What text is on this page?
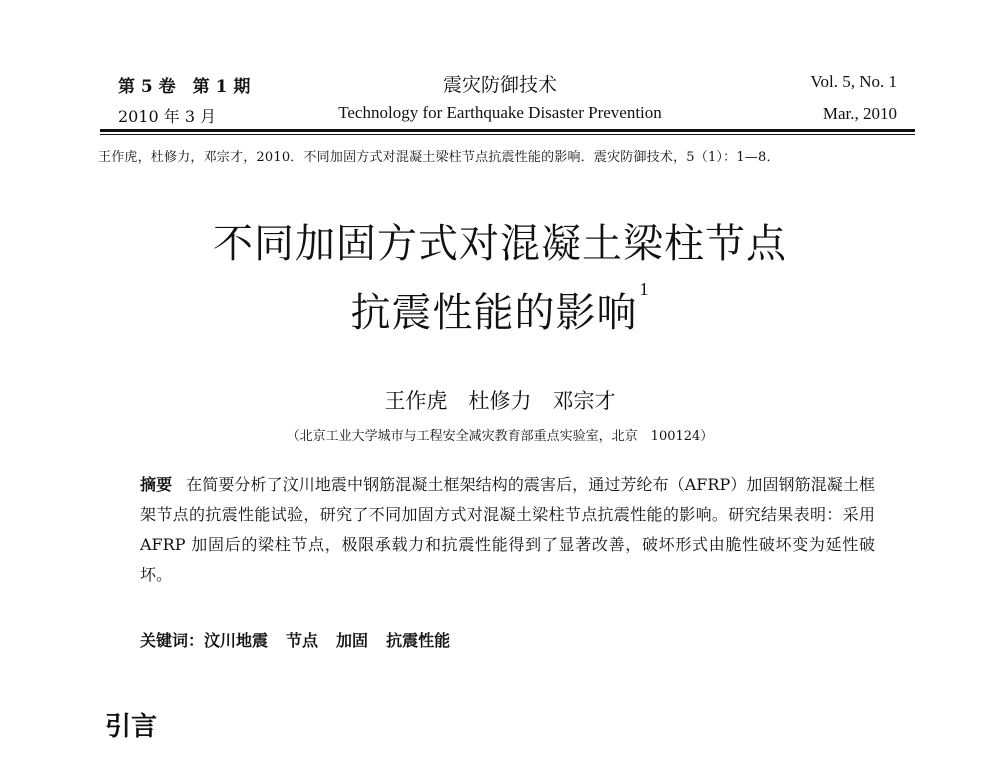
第 5 卷　第 1 期	震灾防御技术	Vol. 5, No. 1
2010 年 3 月	Technology for Earthquake Disaster Prevention	Mar., 2010
王作虎，杜修力，邓宗才，2010．不同加固方式对混凝土梁柱节点抗震性能的影响．震灾防御技术，5（1）：1—8．
不同加固方式对混凝土梁柱节点
抗震性能的影响$^1$
王作虎　杜修力　邓宗才
（北京工业大学城市与工程安全减灾教育部重点实验室，北京　100124）
摘要 在简要分析了汶川地震中钢筋混凝土框架结构的震害后，通过芳纶布（AFRP）加固钢筋混凝土框架节点的抗震性能试验，研究了不同加固方式对混凝土梁柱节点抗震性能的影响。研究结果表明：采用 AFRP 加固后的梁柱节点，极限承载力和抗震性能得到了显著改善，破坏形式由脆性破坏变为延性破坏。
关键词：汶川地震 节点 加固 抗震性能
引言
